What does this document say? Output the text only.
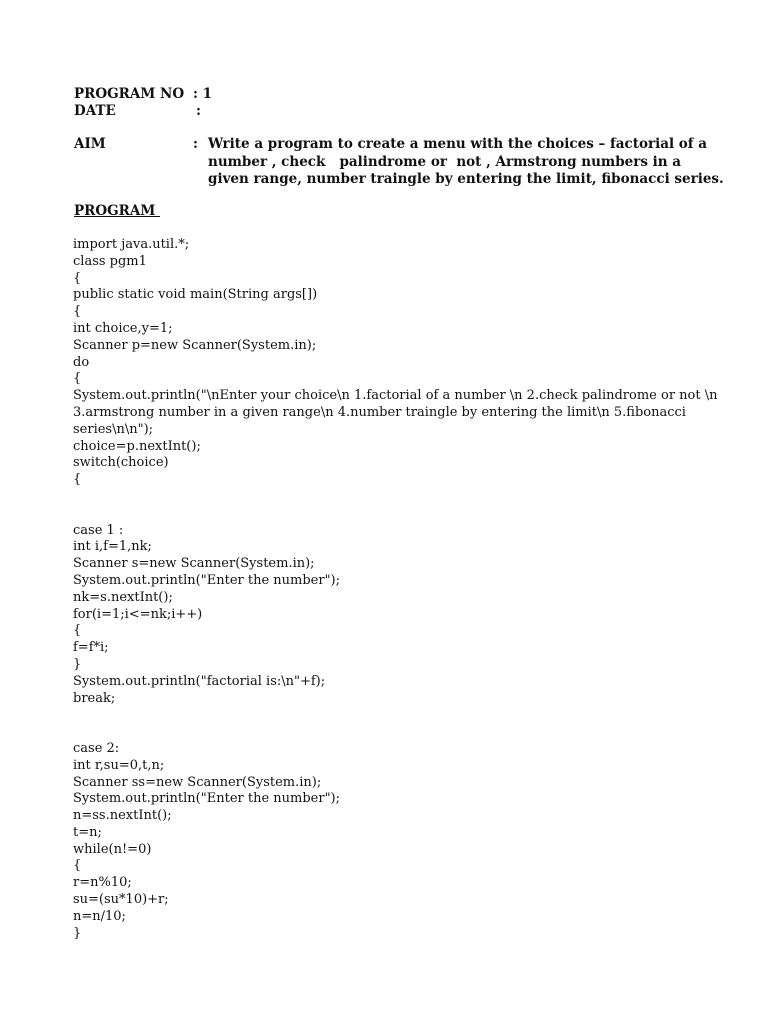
PROGRAM NO : 1
DATE	:
AIM	: Write a program to create a menu with the choices – factorial of a
number , check   palindrome or  not , Armstrong numbers in a
given range, number traingle by entering the limit, fibonacci series.
PROGRAM
import java.util.*;
class pgm1
{
public static void main(String args[])
{
int choice,y=1;
Scanner p=new Scanner(System.in);
do
{
System.out.println("\nEnter your choice\n 1.factorial of a number \n 2.check palindrome or not \n
3.armstrong number in a given range\n 4.number traingle by entering the limit\n 5.fibonacci
series\n\n");
choice=p.nextInt();
switch(choice)
{
case 1 :
int i,f=1,nk;
Scanner s=new Scanner(System.in);
System.out.println("Enter the number");
nk=s.nextInt();
for(i=1;i<=nk;i++)
{
f=f*i;
}
System.out.println("factorial is:\n"+f);
break;
case 2:
int r,su=0,t,n;
Scanner ss=new Scanner(System.in);
System.out.println("Enter the number");
n=ss.nextInt();
t=n;
while(n!=0)
{
r=n%10;
su=(su*10)+r;
n=n/10;
}
